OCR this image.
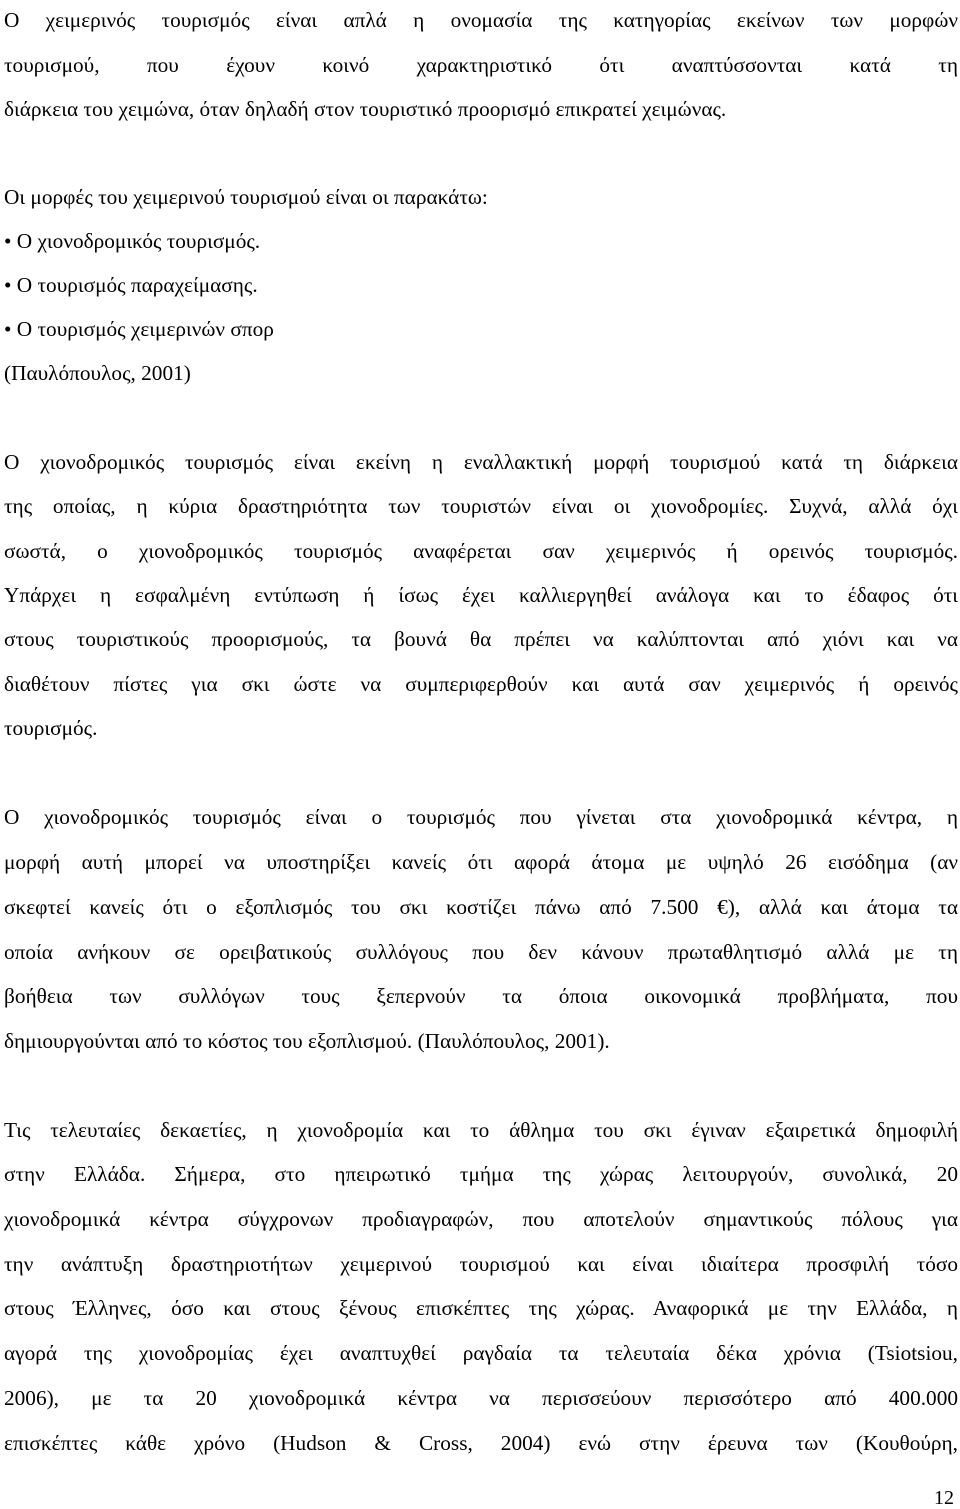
Ο χειμερινός τουρισμός είναι απλά η ονομασία της κατηγορίας εκείνων των μορφών
τουρισμού, που έχουν κοινό χαρακτηριστικό ότι αναπτύσσονται κατά τη
διάρκεια του χειμώνα, όταν δηλαδή στον τουριστικό προορισμό επικρατεί χειμώνας.
Οι μορφές του χειμερινού τουρισμού είναι οι παρακάτω:
• Ο χιονοδρομικός τουρισμός.
• Ο τουρισμός παραχείμασης.
• Ο τουρισμός χειμερινών σπορ
(Παυλόπουλος, 2001)
Ο χιονοδρομικός τουρισμός είναι εκείνη η εναλλακτική μορφή τουρισμού κατά τη διάρκεια
της οποίας, η κύρια δραστηριότητα των τουριστών είναι οι χιονοδρομίες. Συχνά, αλλά όχι
σωστά, ο χιονοδρομικός τουρισμός αναφέρεται σαν χειμερινός ή ορεινός τουρισμός.
Υπάρχει η εσφαλμένη εντύπωση ή ίσως έχει καλλιεργηθεί ανάλογα και το έδαφος ότι
στους τουριστικούς προορισμούς, τα βουνά θα πρέπει να καλύπτονται από χιόνι και να
διαθέτουν πίστες για σκι ώστε να συμπεριφερθούν και αυτά σαν χειμερινός ή ορεινός
τουρισμός.
Ο χιονοδρομικός τουρισμός είναι ο τουρισμός που γίνεται στα χιονοδρομικά κέντρα, η
μορφή αυτή μπορεί να υποστηρίξει κανείς ότι αφορά άτομα με υψηλό 26 εισόδημα (αν
σκεφτεί κανείς ότι ο εξοπλισμός του σκι κοστίζει πάνω από 7.500 €), αλλά και άτομα τα
οποία ανήκουν σε ορειβατικούς συλλόγους που δεν κάνουν πρωταθλητισμό αλλά με τη
βοήθεια των συλλόγων τους ξεπερνούν τα όποια οικονομικά προβλήματα, που
δημιουργούνται από το κόστος του εξοπλισμού. (Παυλόπουλος, 2001).
Τις τελευταίες δεκαετίες, η χιονοδρομία και το άθλημα του σκι έγιναν εξαιρετικά δημοφιλή
στην Ελλάδα. Σήμερα, στο ηπειρωτικό τμήμα της χώρας λειτουργούν, συνολικά, 20
χιονοδρομικά κέντρα σύγχρονων προδιαγραφών, που αποτελούν σημαντικούς πόλους για
την ανάπτυξη δραστηριοτήτων χειμερινού τουρισμού και είναι ιδιαίτερα προσφιλή τόσο
στους Έλληνες, όσο και στους ξένους επισκέπτες της χώρας. Αναφορικά με την Ελλάδα, η
αγορά της χιονοδρομίας έχει αναπτυχθεί ραγδαία τα τελευταία δέκα χρόνια (Tsiotsiou,
2006), με τα 20 χιονοδρομικά κέντρα να περισσεύουν περισσότερο από 400.000
επισκέπτες κάθε χρόνο (Hudson & Cross, 2004) ενώ στην έρευνα των (Κουθούρη,
12
